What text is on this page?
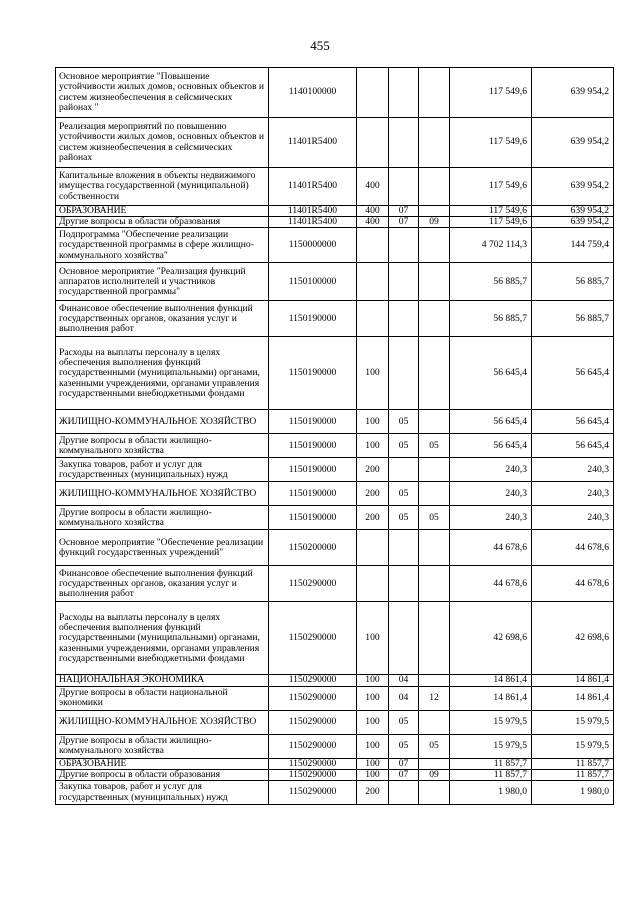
455
Основное мероприятие "Повышение устойчивости жилых домов, основных объектов и систем жизнеобеспечения в сейсмических районах "	1140100000				117 549,6	639 954,2
Реализация мероприятий по повышению устойчивости жилых домов, основных объектов и систем жизнеобеспечения в сейсмических районах	11401R5400				117 549,6	639 954,2
Капитальные вложения в объекты недвижимого имущества государственной (муниципальной) собственности	11401R5400	400			117 549,6	639 954,2
ОБРАЗОВАНИЕ	11401R5400	400	07		117 549,6	639 954,2
Другие вопросы в области образования	11401R5400	400	07	09	117 549,6	639 954,2
Подпрограмма "Обеспечение реализации государственной программы в сфере жилищно-коммунального хозяйства"	1150000000				4 702 114,3	144 759,4
Основное мероприятие "Реализация функций аппаратов исполнителей и участников государственной программы"	1150100000				56 885,7	56 885,7
Финансовое обеспечение выполнения функций государственных органов, оказания услуг и выполнения работ	1150190000				56 885,7	56 885,7
Расходы на выплаты персоналу в целях обеспечения выполнения функций государственными (муниципальными) органами, казенными учреждениями, органами управления государственными внебюджетными фондами	1150190000	100			56 645,4	56 645,4
ЖИЛИЩНО-КОММУНАЛЬНОЕ ХОЗЯЙСТВО	1150190000	100	05		56 645,4	56 645,4
Другие вопросы в области жилищно-коммунального хозяйства	1150190000	100	05	05	56 645,4	56 645,4
Закупка товаров, работ и услуг для государственных (муниципальных) нужд	1150190000	200			240,3	240,3
ЖИЛИЩНО-КОММУНАЛЬНОЕ ХОЗЯЙСТВО	1150190000	200	05		240,3	240,3
Другие вопросы в области жилищно-коммунального хозяйства	1150190000	200	05	05	240,3	240,3
Основное мероприятие "Обеспечение реализации функций государственных учреждений"	1150200000				44 678,6	44 678,6
Финансовое обеспечение выполнения функций государственных органов, оказания услуг и выполнения работ	1150290000				44 678,6	44 678,6
Расходы на выплаты персоналу в целях обеспечения выполнения функций государственными (муниципальными) органами, казенными учреждениями, органами управления государственными внебюджетными фондами	1150290000	100			42 698,6	42 698,6
НАЦИОНАЛЬНАЯ ЭКОНОМИКА	1150290000	100	04		14 861,4	14 861,4
Другие вопросы в области национальной экономики	1150290000	100	04	12	14 861,4	14 861,4
ЖИЛИЩНО-КОММУНАЛЬНОЕ ХОЗЯЙСТВО	1150290000	100	05		15 979,5	15 979,5
Другие вопросы в области жилищно-коммунального хозяйства	1150290000	100	05	05	15 979,5	15 979,5
ОБРАЗОВАНИЕ	1150290000	100	07		11 857,7	11 857,7
Другие вопросы в области образования	1150290000	100	07	09	11 857,7	11 857,7
Закупка товаров, работ и услуг для государственных (муниципальных) нужд	1150290000	200			1 980,0	1 980,0
